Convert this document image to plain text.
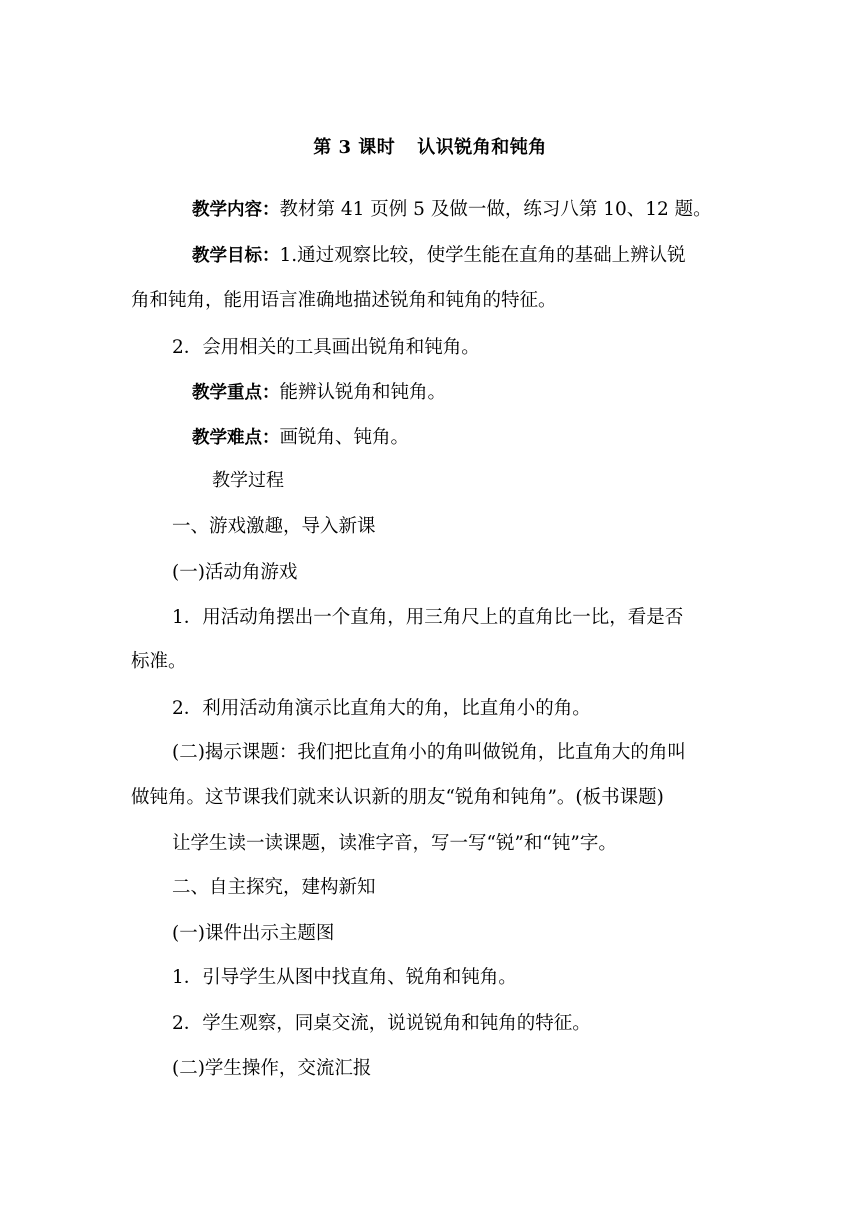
第 3 课时 认识锐角和钝角
教学内容：教材第 41 页例 5 及做一做，练习八第 10、12 题。
教学目标：1.通过观察比较，使学生能在直角的基础上辨认锐
角和钝角，能用语言准确地描述锐角和钝角的特征。
2．会用相关的工具画出锐角和钝角。
教学重点：能辨认锐角和钝角。
教学难点：画锐角、钝角。
教学过程
一、游戏激趣，导入新课
(一)活动角游戏
1．用活动角摆出一个直角，用三角尺上的直角比一比，看是否
标准。
2．利用活动角演示比直角大的角，比直角小的角。
(二)揭示课题：我们把比直角小的角叫做锐角，比直角大的角叫
做钝角。这节课我们就来认识新的朋友“锐角和钝角”。(板书课题)
让学生读一读课题，读准字音，写一写“锐”和“钝”字。
二、自主探究，建构新知
(一)课件出示主题图
1．引导学生从图中找直角、锐角和钝角。
2．学生观察，同桌交流，说说锐角和钝角的特征。
(二)学生操作，交流汇报
